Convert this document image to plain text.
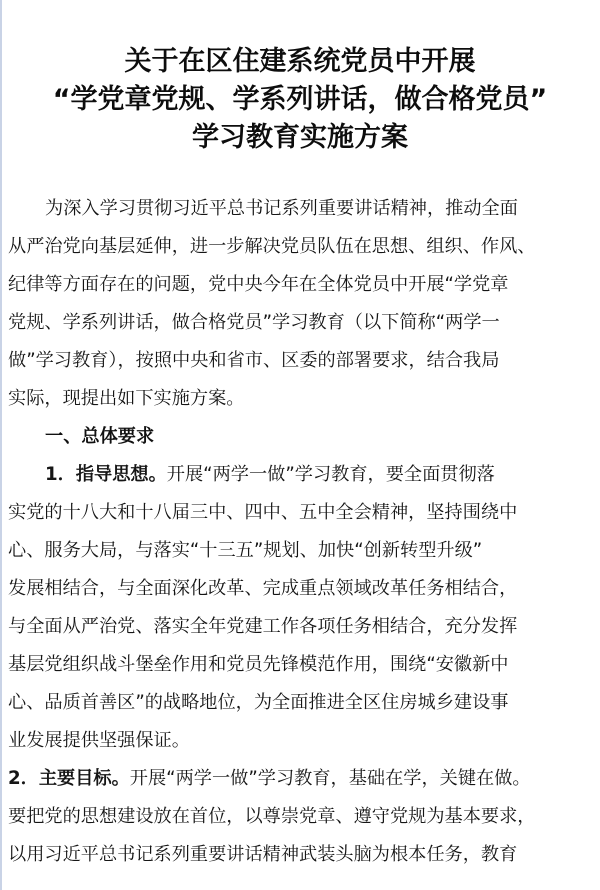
关于在区住建系统党员中开展
“学党章党规、学系列讲话，做合格党员”
学习教育实施方案
为深入学习贯彻习近平总书记系列重要讲话精神，推动全面
从严治党向基层延伸，进一步解决党员队伍在思想、组织、作风、
纪律等方面存在的问题，党中央今年在全体党员中开展“学党章
党规、学系列讲话，做合格党员”学习教育（以下简称“两学一
做”学习教育），按照中央和省市、区委的部署要求，结合我局
实际，现提出如下实施方案。
一、总体要求
1．指导思想。开展“两学一做”学习教育，要全面贯彻落
实党的十八大和十八届三中、四中、五中全会精神，坚持围绕中
心、服务大局，与落实“十三五”规划、加快“创新转型升级”
发展相结合，与全面深化改革、完成重点领域改革任务相结合，
与全面从严治党、落实全年党建工作各项任务相结合，充分发挥
基层党组织战斗堡垒作用和党员先锋模范作用，围绕“安徽新中
心、品质首善区”的战略地位，为全面推进全区住房城乡建设事
业发展提供坚强保证。
2．主要目标。开展“两学一做”学习教育，基础在学，关键在做。
要把党的思想建设放在首位，以尊崇党章、遵守党规为基本要求，
以用习近平总书记系列重要讲话精神武装头脑为根本任务，教育
